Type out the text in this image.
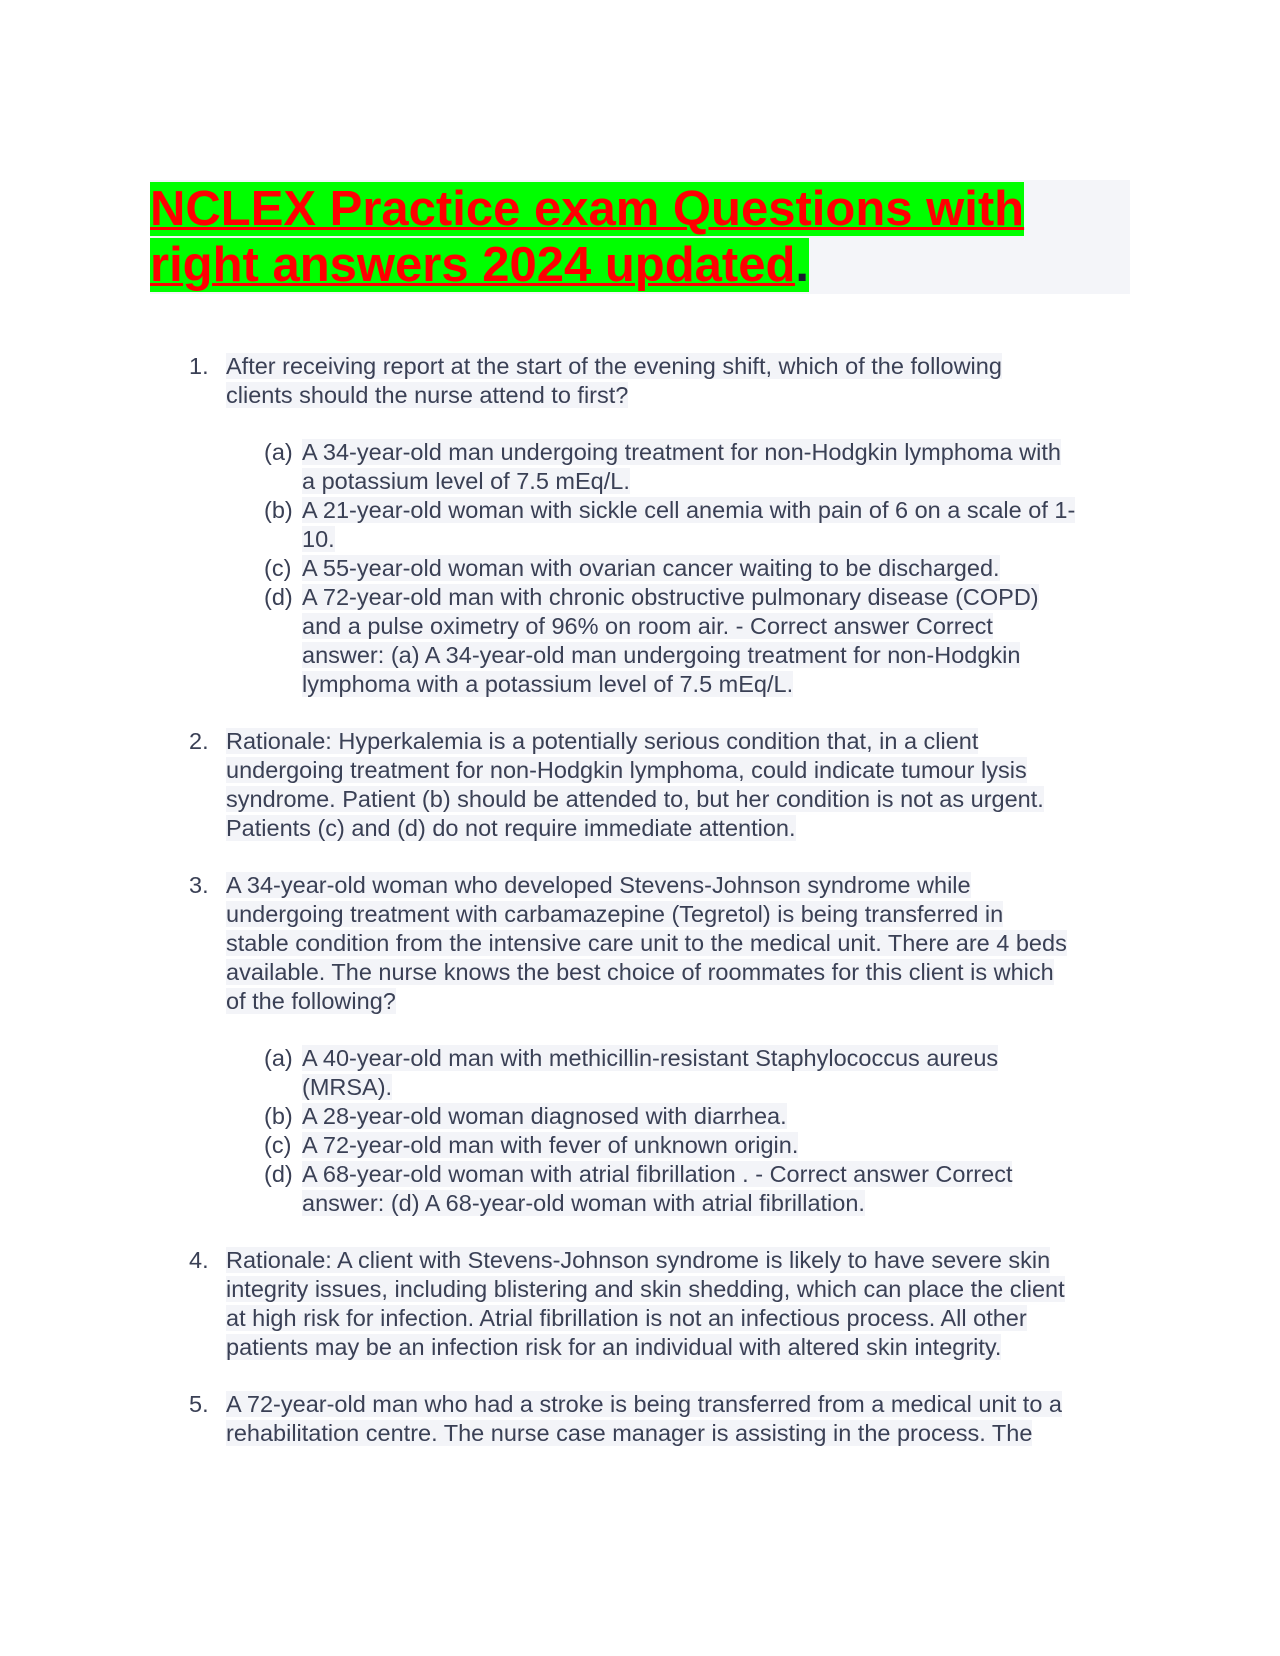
NCLEX Practice exam Questions with
right answers 2024 updated.
1. After receiving report at the start of the evening shift, which of the following
clients should the nurse attend to first?
(a) A 34-year-old man undergoing treatment for non-Hodgkin lymphoma with
a potassium level of 7.5 mEq/L.
(b) A 21-year-old woman with sickle cell anemia with pain of 6 on a scale of 1-
10.
(c) A 55-year-old woman with ovarian cancer waiting to be discharged.
(d) A 72-year-old man with chronic obstructive pulmonary disease (COPD)
and a pulse oximetry of 96% on room air. - Correct answer Correct
answer: (a) A 34-year-old man undergoing treatment for non-Hodgkin
lymphoma with a potassium level of 7.5 mEq/L.
2. Rationale: Hyperkalemia is a potentially serious condition that, in a client
undergoing treatment for non-Hodgkin lymphoma, could indicate tumour lysis
syndrome. Patient (b) should be attended to, but her condition is not as urgent.
Patients (c) and (d) do not require immediate attention.
3. A 34-year-old woman who developed Stevens-Johnson syndrome while
undergoing treatment with carbamazepine (Tegretol) is being transferred in
stable condition from the intensive care unit to the medical unit. There are 4 beds
available. The nurse knows the best choice of roommates for this client is which
of the following?
(a) A 40-year-old man with methicillin-resistant Staphylococcus aureus
(MRSA).
(b) A 28-year-old woman diagnosed with diarrhea.
(c) A 72-year-old man with fever of unknown origin.
(d) A 68-year-old woman with atrial fibrillation . - Correct answer Correct
answer: (d) A 68-year-old woman with atrial fibrillation.
4. Rationale: A client with Stevens-Johnson syndrome is likely to have severe skin
integrity issues, including blistering and skin shedding, which can place the client
at high risk for infection. Atrial fibrillation is not an infectious process. All other
patients may be an infection risk for an individual with altered skin integrity.
5. A 72-year-old man who had a stroke is being transferred from a medical unit to a
rehabilitation centre. The nurse case manager is assisting in the process. The
